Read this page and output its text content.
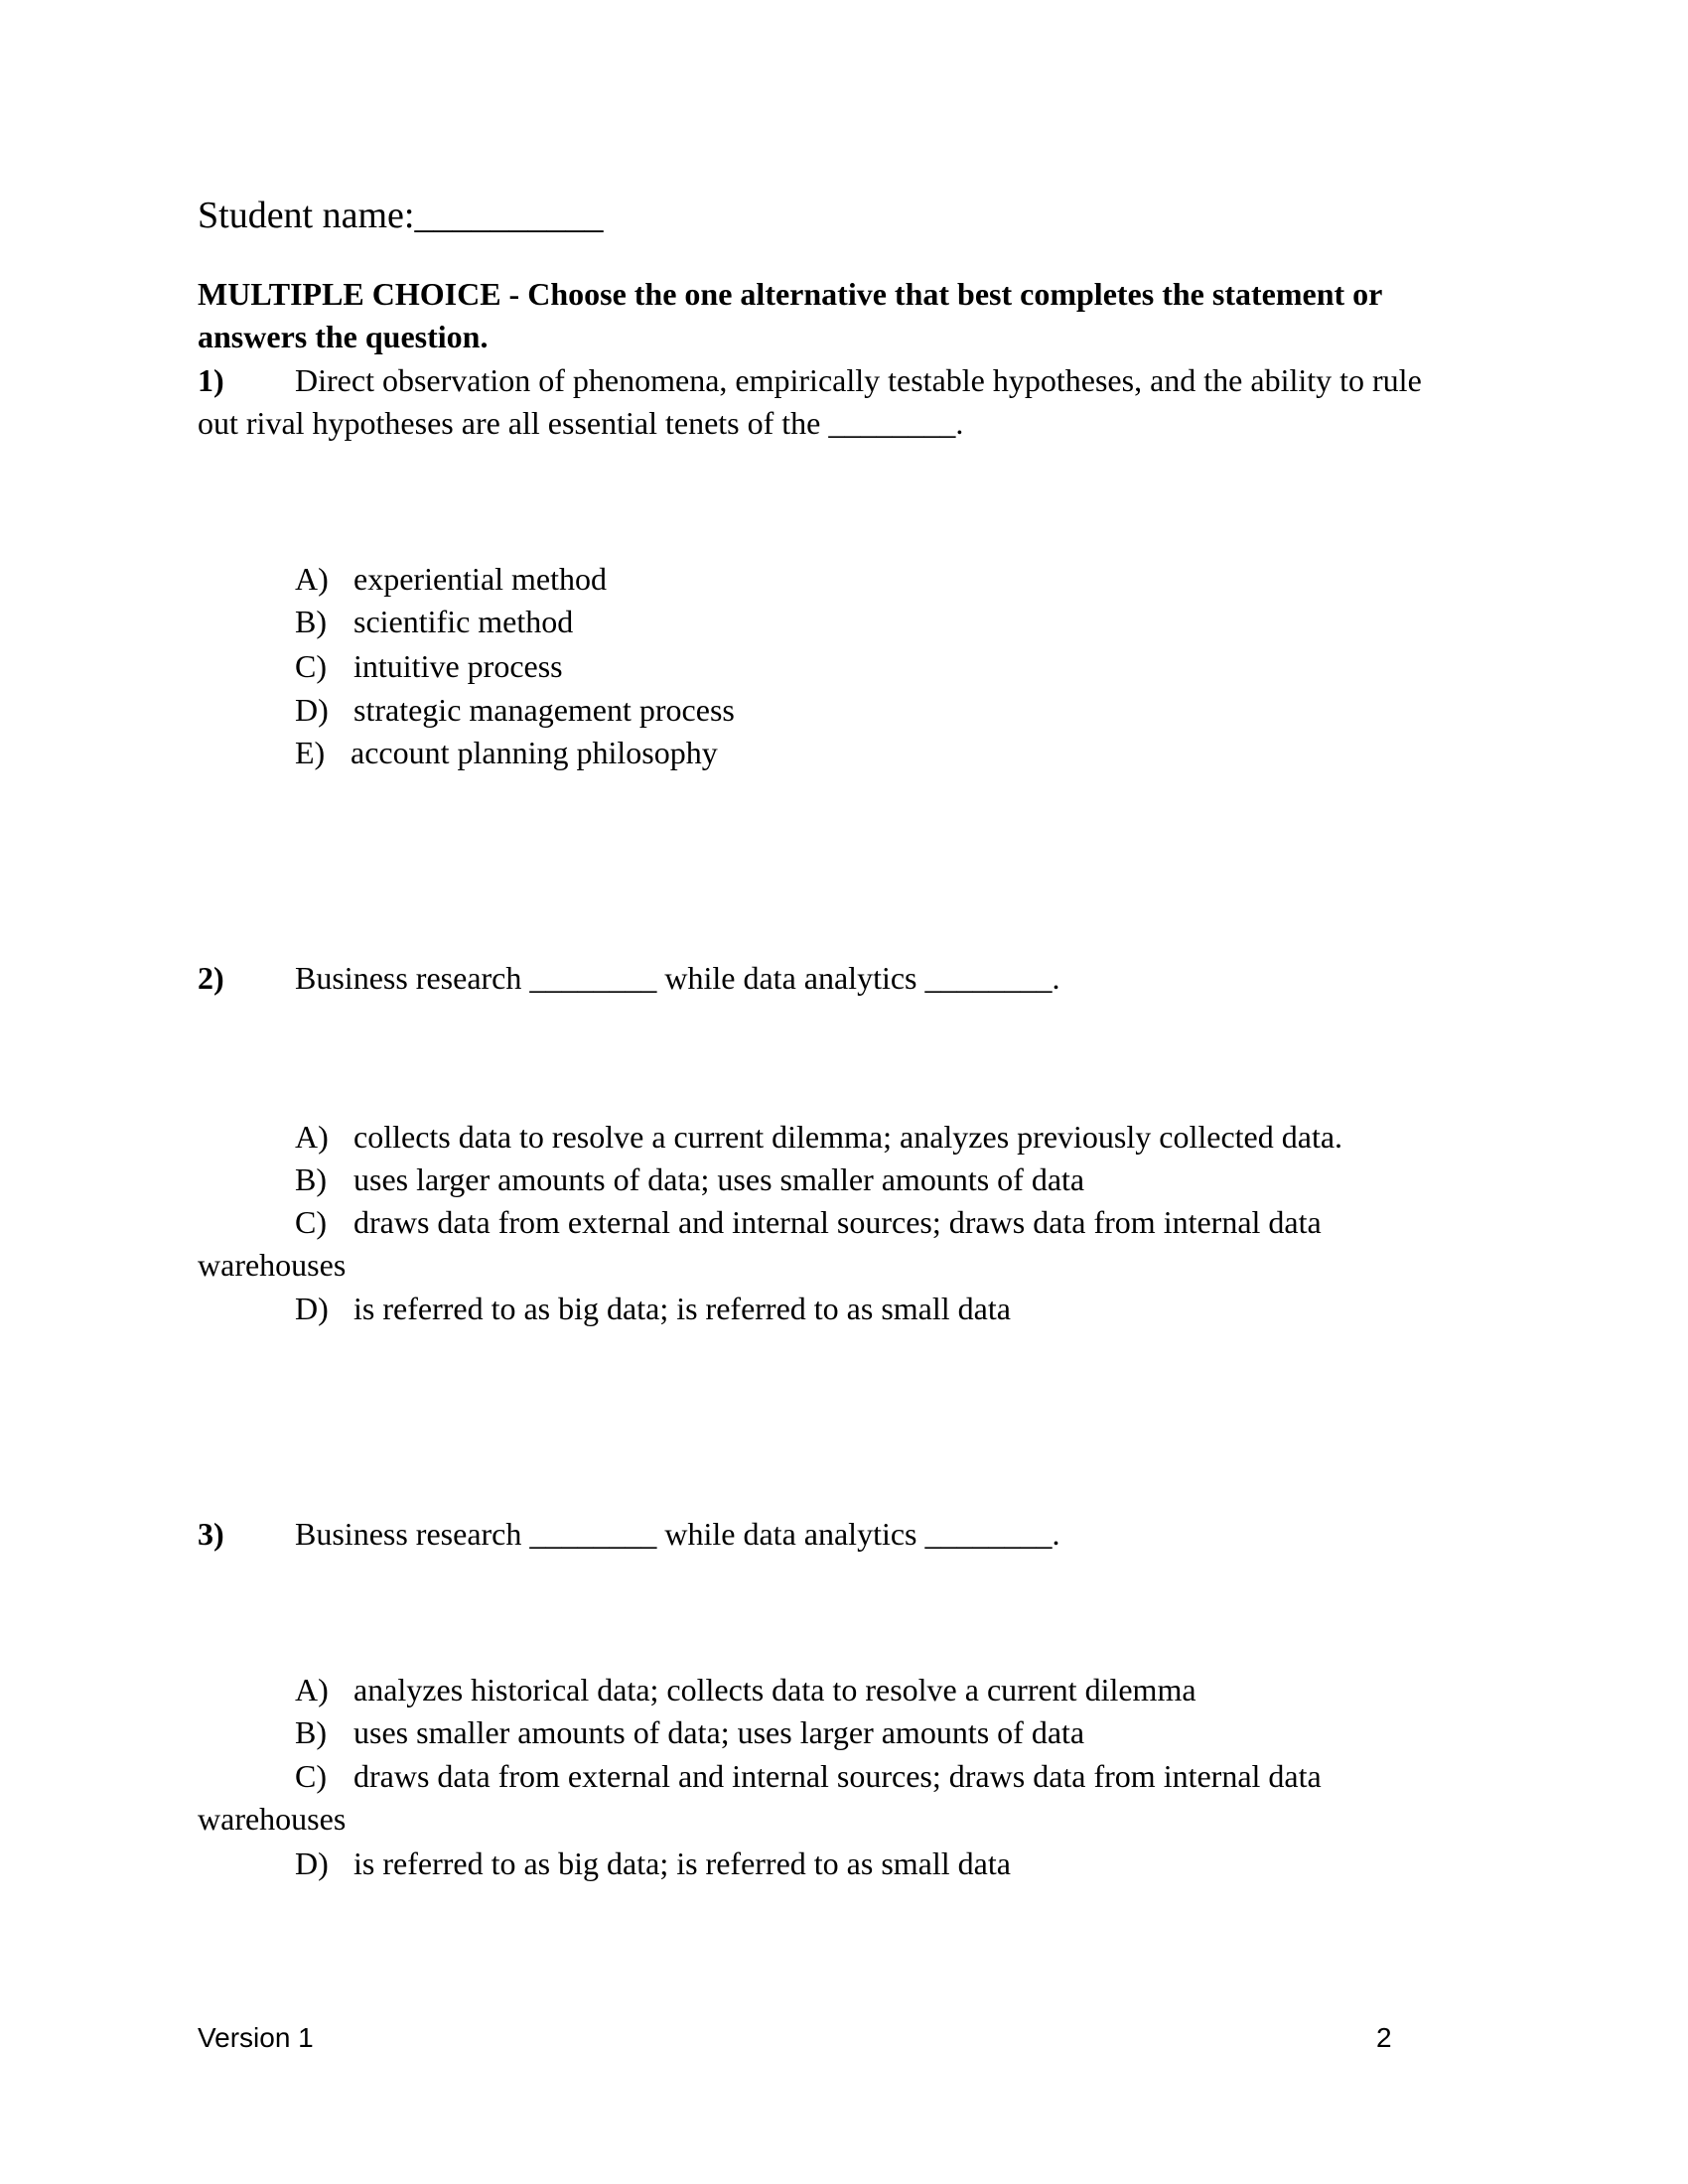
Student name:__________
MULTIPLE CHOICE - Choose the one alternative that best completes the statement or
answers the question.
1) Direct observation of phenomena, empirically testable hypotheses, and the ability to rule
out rival hypotheses are all essential tenets of the ________.
A) experiential method
B) scientific method
C) intuitive process
D) strategic management process
E) account planning philosophy
2) Business research ________ while data analytics ________.
A) collects data to resolve a current dilemma; analyzes previously collected data.
B) uses larger amounts of data; uses smaller amounts of data
C) draws data from external and internal sources; draws data from internal data
warehouses
D) is referred to as big data; is referred to as small data
3) Business research ________ while data analytics ________.
A) analyzes historical data; collects data to resolve a current dilemma
B) uses smaller amounts of data; uses larger amounts of data
C) draws data from external and internal sources; draws data from internal data
warehouses
D) is referred to as big data; is referred to as small data
Version 1	2
